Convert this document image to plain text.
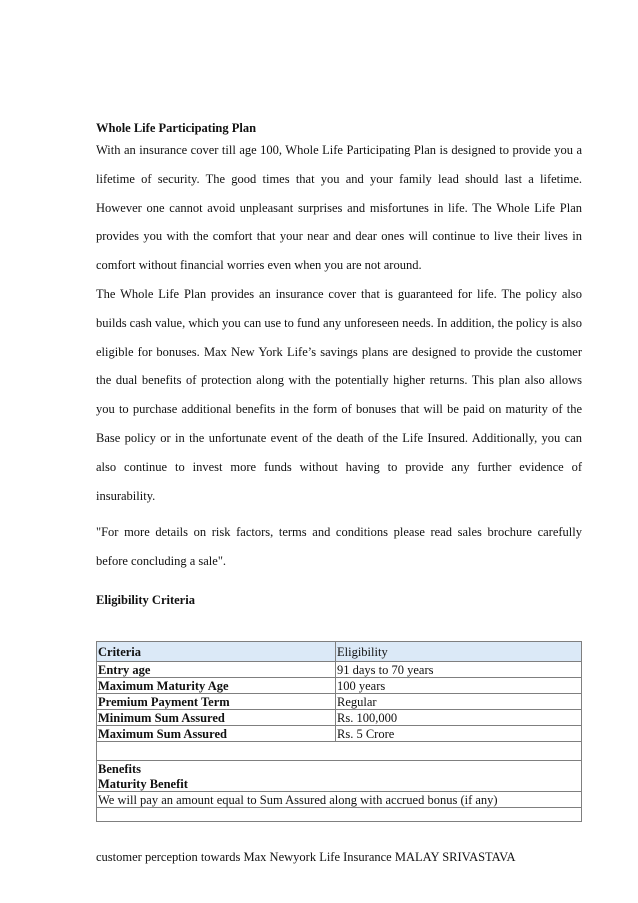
Whole Life Participating Plan

With an insurance cover till age 100, Whole Life Participating Plan is designed to provide you a lifetime of security. The good times that you and your family lead should last a lifetime. However one cannot avoid unpleasant surprises and misfortunes in life. The Whole Life Plan provides you with the comfort that your near and dear ones will continue to live their lives in comfort without financial worries even when you are not around.

The Whole Life Plan provides an insurance cover that is guaranteed for life. The policy also builds cash value, which you can use to fund any unforeseen needs. In addition, the policy is also eligible for bonuses. Max New York Life’s savings plans are designed to provide the customer the dual benefits of protection along with the potentially higher returns. This plan also allows you to purchase additional benefits in the form of bonuses that will be paid on maturity of the Base policy or in the unfortunate event of the death of the Life Insured. Additionally, you can also continue to invest more funds without having to provide any further evidence of insurability.

"For more details on risk factors, terms and conditions please read sales brochure carefully before concluding a sale".

Eligibility Criteria
Criteria	Eligibility
Entry age	91 days to 70 years
Maximum Maturity Age	100 years
Premium Payment Term	Regular
Minimum Sum Assured	Rs. 100,000
Maximum Sum Assured	Rs. 5 Crore

Benefits	
Maturity Benefit	
We will pay an amount equal to Sum Assured along with accrued bonus (if any)	

customer perception towards Max Newyork Life Insurance MALAY SRIVASTAVA
